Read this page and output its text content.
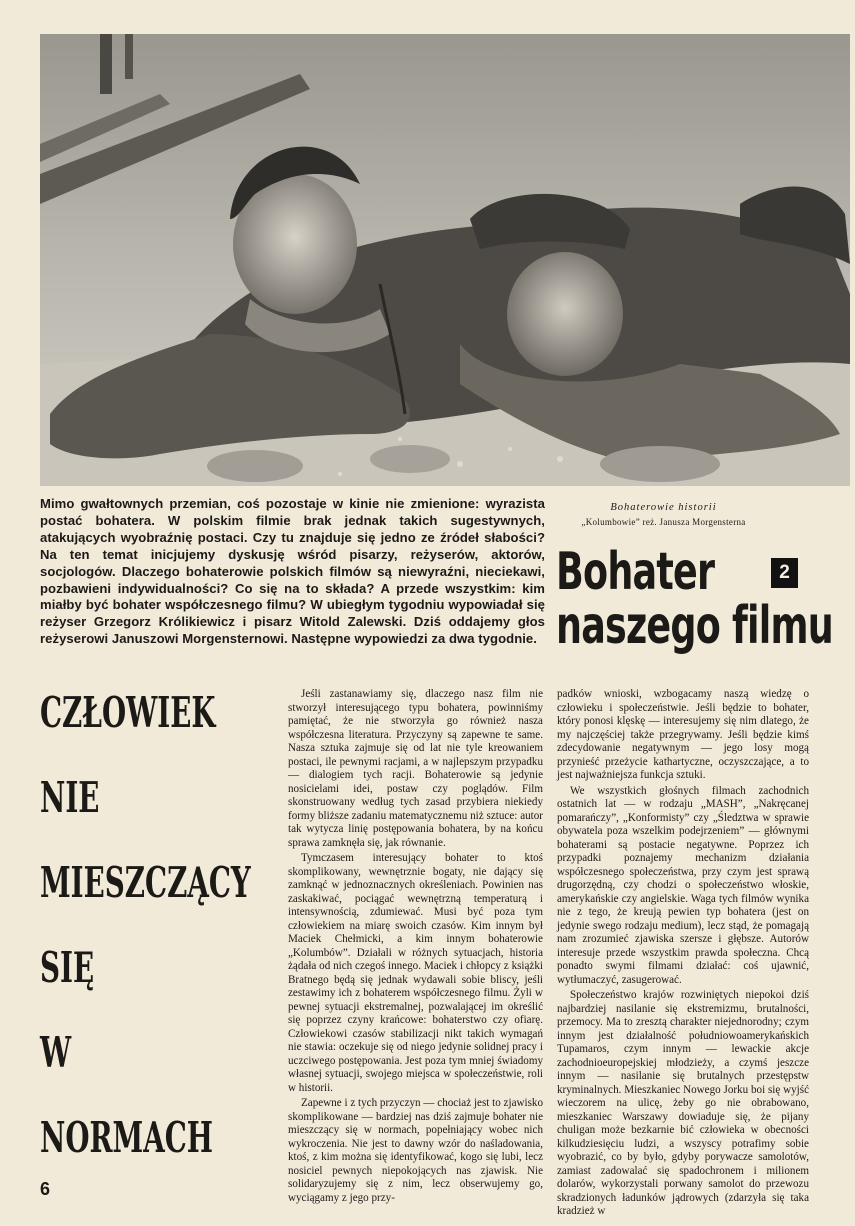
Mimo gwałtownych przemian, coś pozostaje w kinie nie zmienione: wyrazista postać bohatera. W polskim filmie brak jednak takich sugestywnych, atakujących wyobraźnię postaci. Czy tu znajduje się jedno ze źródeł słabości? Na ten temat inicjujemy dyskusję wśród pisarzy, reżyserów, aktorów, socjologów. Dlaczego bohaterowie polskich filmów są niewyraźni, nieciekawi, pozbawieni indywidualności? Co się na to składa? A przede wszystkim: kim miałby być bohater współczesnego filmu? W ubiegłym tygodniu wypowiadał się reżyser Grzegorz Królikiewicz i pisarz Witold Zalewski. Dziś oddajemy głos reżyserowi Januszowi Morgensternowi. Następne wypowiedzi za dwa tygodnie.
Bohaterowie historii
„Kolumbowie” reż. Janusza Morgensterna
Bohater
naszego filmu
2
CZŁOWIEK
NIE
MIESZCZĄCY
SIĘ
W
NORMACH

Jeśli zastanawiamy się, dlaczego nasz film nie stworzył interesującego typu bohatera, powinniśmy pamiętać, że nie stworzyła go również nasza współczesna literatura. Przyczyny są zapewne te same. Nasza sztuka zajmuje się od lat nie tyle kreowaniem postaci, ile pewnymi racjami, a w najlepszym przypadku — dialogiem tych racji. Bohaterowie są jedynie nosicielami idei, postaw czy poglądów. Film skonstruowany według tych zasad przybiera niekiedy formy bliższe zadaniu matematycznemu niż sztuce: autor tak wytycza linię postępowania bohatera, by na końcu sprawa zamknęła się, jak równanie.

Tymczasem interesujący bohater to ktoś skomplikowany, wewnętrznie bogaty, nie dający się zamknąć w jednoznacznych określeniach. Powinien nas zaskakiwać, pociągać wewnętrzną temperaturą i intensywnością, zdumiewać. Musi być poza tym człowiekiem na miarę swoich czasów. Kim innym był Maciek Chełmicki, a kim innym bohaterowie „Kolumbów”. Działali w różnych sytuacjach, historia żądała od nich czegoś innego. Maciek i chłopcy z książki Bratnego będą się jednak wydawali sobie bliscy, jeśli zestawimy ich z bohaterem współczesnego filmu. Żyli w pewnej sytuacji ekstremalnej, pozwalającej im określić się poprzez czyny krańcowe: bohaterstwo czy ofiarę. Człowiekowi czasów stabilizacji nikt takich wymagań nie stawia: oczekuje się od niego jedynie solidnej pracy i uczciwego postępowania. Jest poza tym mniej świadomy własnej sytuacji, swojego miejsca w społeczeństwie, roli w historii.

Zapewne i z tych przyczyn — chociaż jest to zjawisko skomplikowane — bardziej nas dziś zajmuje bohater nie mieszczący się w normach, popełniający wobec nich wykroczenia. Nie jest to dawny wzór do naśladowania, ktoś, z kim można się identyfikować, kogo się lubi, lecz nosiciel pewnych niepokojących nas zjawisk. Nie solidaryzujemy się z nim, lecz obserwujemy go, wyciągamy z jego przy-

padków wnioski, wzbogacamy naszą wiedzę o człowieku i społeczeństwie. Jeśli będzie to bohater, który ponosi klęskę — interesujemy się nim dlatego, że my najczęściej także przegrywamy. Jeśli będzie kimś zdecydowanie negatywnym — jego losy mogą przynieść przeżycie kathartyczne, oczyszczające, a to jest najważniejsza funkcja sztuki.

We wszystkich głośnych filmach zachodnich ostatnich lat — w rodzaju „MASH”, „Nakręcanej pomarańczy”, „Konformisty” czy „Śledztwa w sprawie obywatela poza wszelkim podejrzeniem” — głównymi bohaterami są postacie negatywne. Poprzez ich przypadki poznajemy mechanizm działania współczesnego społeczeństwa, przy czym jest sprawą drugorzędną, czy chodzi o społeczeństwo włoskie, amerykańskie czy angielskie. Waga tych filmów wynika nie z tego, że kreują pewien typ bohatera (jest on jedynie swego rodzaju medium), lecz stąd, że pomagają nam zrozumieć zjawiska szersze i głębsze. Autorów interesuje przede wszystkim prawda społeczna. Chcą ponadto swymi filmami działać: coś ujawnić, wytłumaczyć, zasugerować.

Społeczeństwo krajów rozwiniętych niepokoi dziś najbardziej nasilanie się ekstremizmu, brutalności, przemocy. Ma to zresztą charakter niejednorodny; czym innym jest działalność południowoamerykańskich Tupamaros, czym innym — lewackie akcje zachodnioeuropejskiej młodzieży, a czymś jeszcze innym — nasilanie się brutalnych przestępstw kryminalnych. Mieszkaniec Nowego Jorku boi się wyjść wieczorem na ulicę, żeby go nie obrabowano, mieszkaniec Warszawy dowiaduje się, że pijany chuligan może bezkarnie bić człowieka w obecności kilkudziesięciu ludzi, a wszyscy potrafimy sobie wyobrazić, co by było, gdyby porywacze samolotów, zamiast zadowalać się spadochronem i milionem dolarów, wykorzystali porwany samolot do przewozu skradzionych ładunków jądrowych (zdarzyła się taka kradzież w

6
